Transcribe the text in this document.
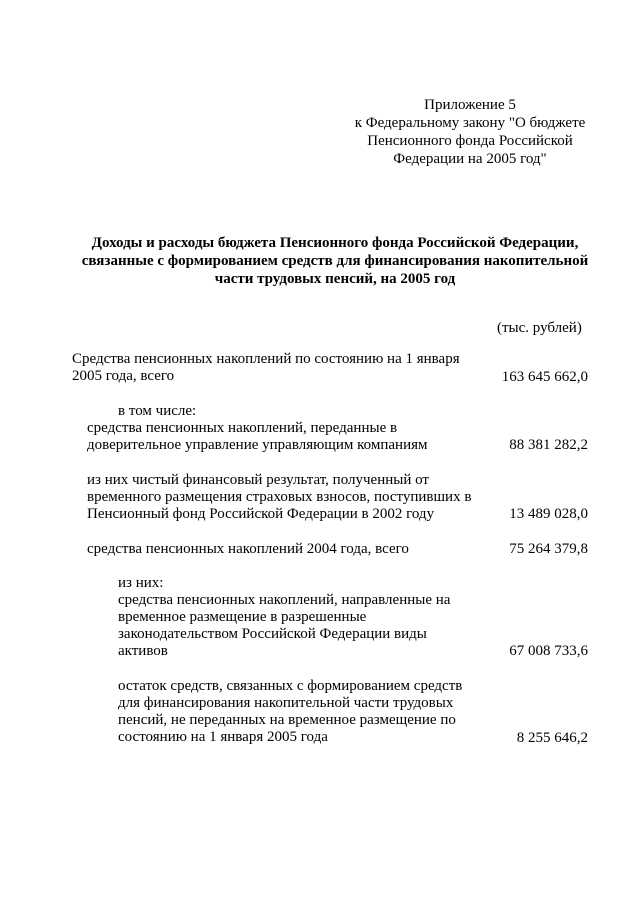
Приложение 5
к Федеральному закону "О бюджете
Пенсионного фонда Российской
Федерации на 2005 год"
Доходы и расходы бюджета Пенсионного фонда Российской Федерации,
связанные с формированием средств для финансирования накопительной
части трудовых пенсий, на 2005 год
(тыс. рублей)
Средства пенсионных накоплений по состоянию на 1 января
2005 года, всего	163 645 662,0
в том числе:
средства пенсионных накоплений, переданные в
доверительное управление управляющим компаниям	88 381 282,2
из них чистый финансовый результат, полученный от
временного размещения страховых взносов, поступивших в
Пенсионный фонд Российской Федерации в 2002 году	13 489 028,0
средства пенсионных накоплений 2004 года, всего	75 264 379,8
из них:
средства пенсионных накоплений, направленные на
временное размещение в разрешенные
законодательством Российской Федерации виды
активов	67 008 733,6
остаток средств, связанных с формированием средств
для финансирования накопительной части трудовых
пенсий, не переданных на временное размещение по
состоянию на 1 января 2005 года	8 255 646,2
